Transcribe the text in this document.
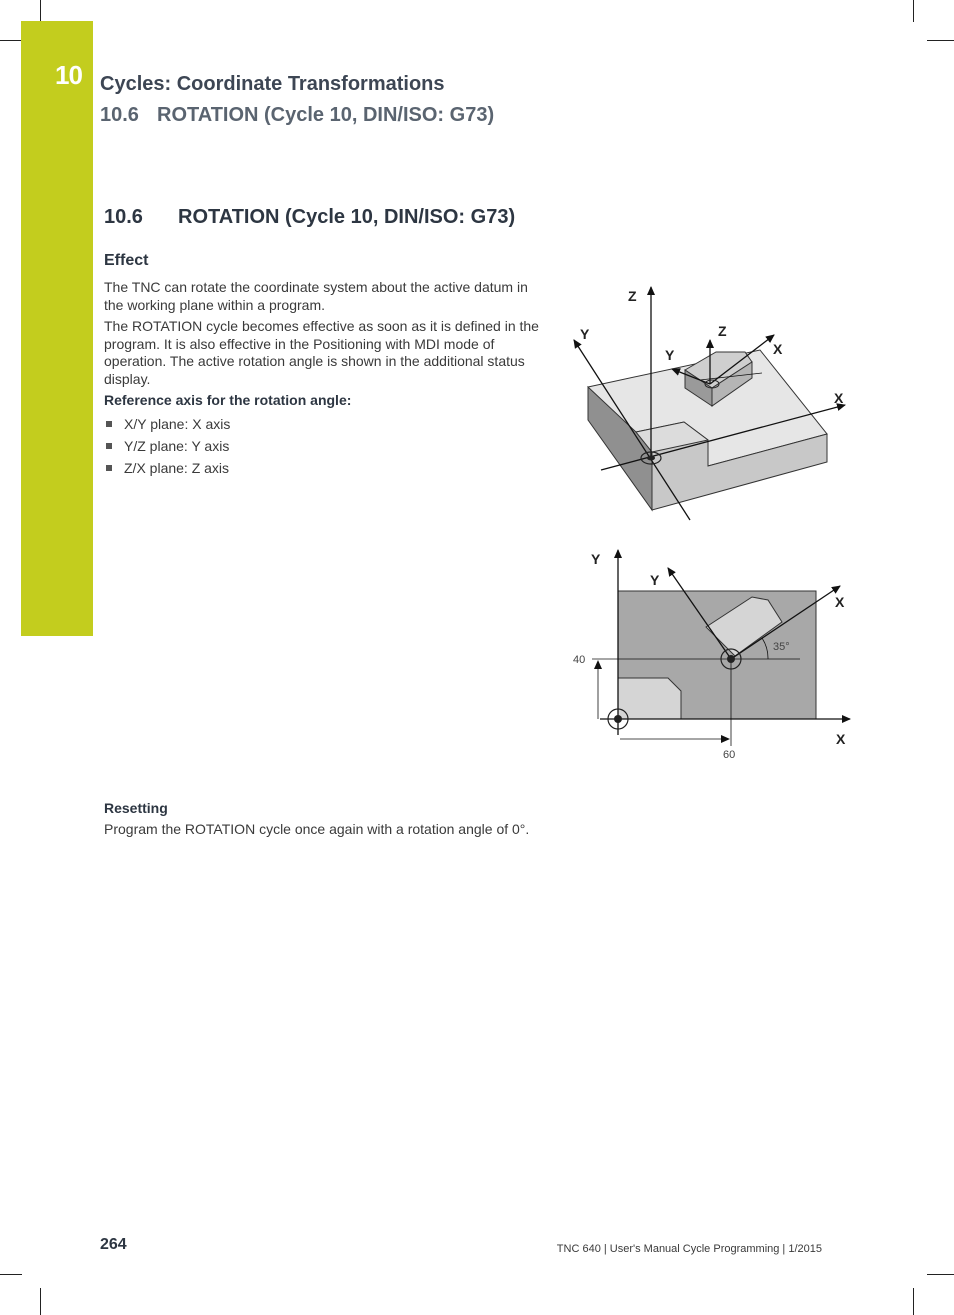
10 Cycles: Coordinate Transformations
10.6 ROTATION (Cycle 10, DIN/ISO: G73)
10.6 ROTATION (Cycle 10, DIN/ISO: G73)
Effect
The TNC can rotate the coordinate system about the active datum in the working plane within a program.
The ROTATION cycle becomes effective as soon as it is defined in the program. It is also effective in the Positioning with MDI mode of operation. The active rotation angle is shown in the additional status display.
Reference axis for the rotation angle:
X/Y plane: X axis
Y/Z plane: Y axis
Z/X plane: Z axis
Z
Y
X
Z
Y	X
Y
Y
X
X
40
60
35°
Resetting
Program the ROTATION cycle once again with a rotation angle of 0°.
264	TNC 640 | User's Manual Cycle Programming | 1/2015
